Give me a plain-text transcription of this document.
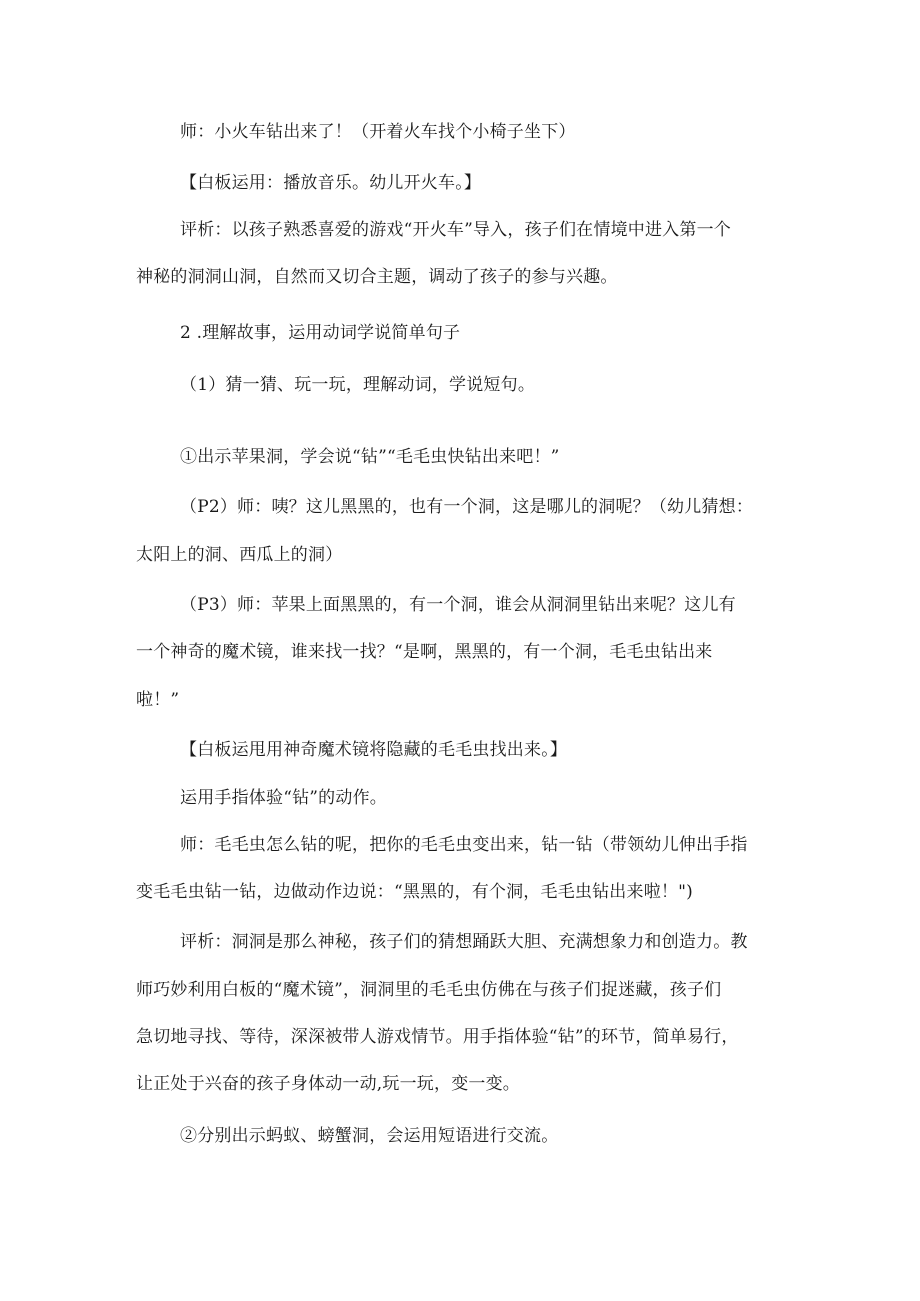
师：小火车钻出来了！（开着火车找个小椅子坐下）
【白板运用：播放音乐。幼儿开火车。】
评析：以孩子熟悉喜爱的游戏“开火车”导入，孩子们在情境中进入第一个
神秘的洞洞山洞，自然而又切合主题，调动了孩子的参与兴趣。
2 .理解故事，运用动词学说简单句子
（1）猜一猜、玩一玩，理解动词，学说短句。
①出示苹果洞，学会说“钻”“毛毛虫快钻出来吧！”
（P2）师：咦？这儿黑黑的，也有一个洞，这是哪儿的洞呢？（幼儿猜想：
太阳上的洞、西瓜上的洞）
（P3）师：苹果上面黑黑的，有一个洞，谁会从洞洞里钻出来呢？这儿有
一个神奇的魔术镜，谁来找一找？“是啊，黑黑的，有一个洞，毛毛虫钻出来
啦！”
【白板运甩用神奇魔术镜将隐藏的毛毛虫找出来。】
运用手指体验“钻”的动作。
师：毛毛虫怎么钻的呢，把你的毛毛虫变出来，钻一钻（带领幼儿伸出手指
变毛毛虫钻一钻，边做动作边说：“黑黑的，有个洞，毛毛虫钻出来啦！")
评析：洞洞是那么神秘，孩子们的猜想踊跃大胆、充满想象力和创造力。教
师巧妙利用白板的“魔术镜”，洞洞里的毛毛虫仿佛在与孩子们捉迷藏，孩子们
急切地寻找、等待，深深被带人游戏情节。用手指体验“钻”的环节，简单易行，
让正处于兴奋的孩子身体动一动,玩一玩，变一变。
②分别出示蚂蚁、螃蟹洞，会运用短语进行交流。
